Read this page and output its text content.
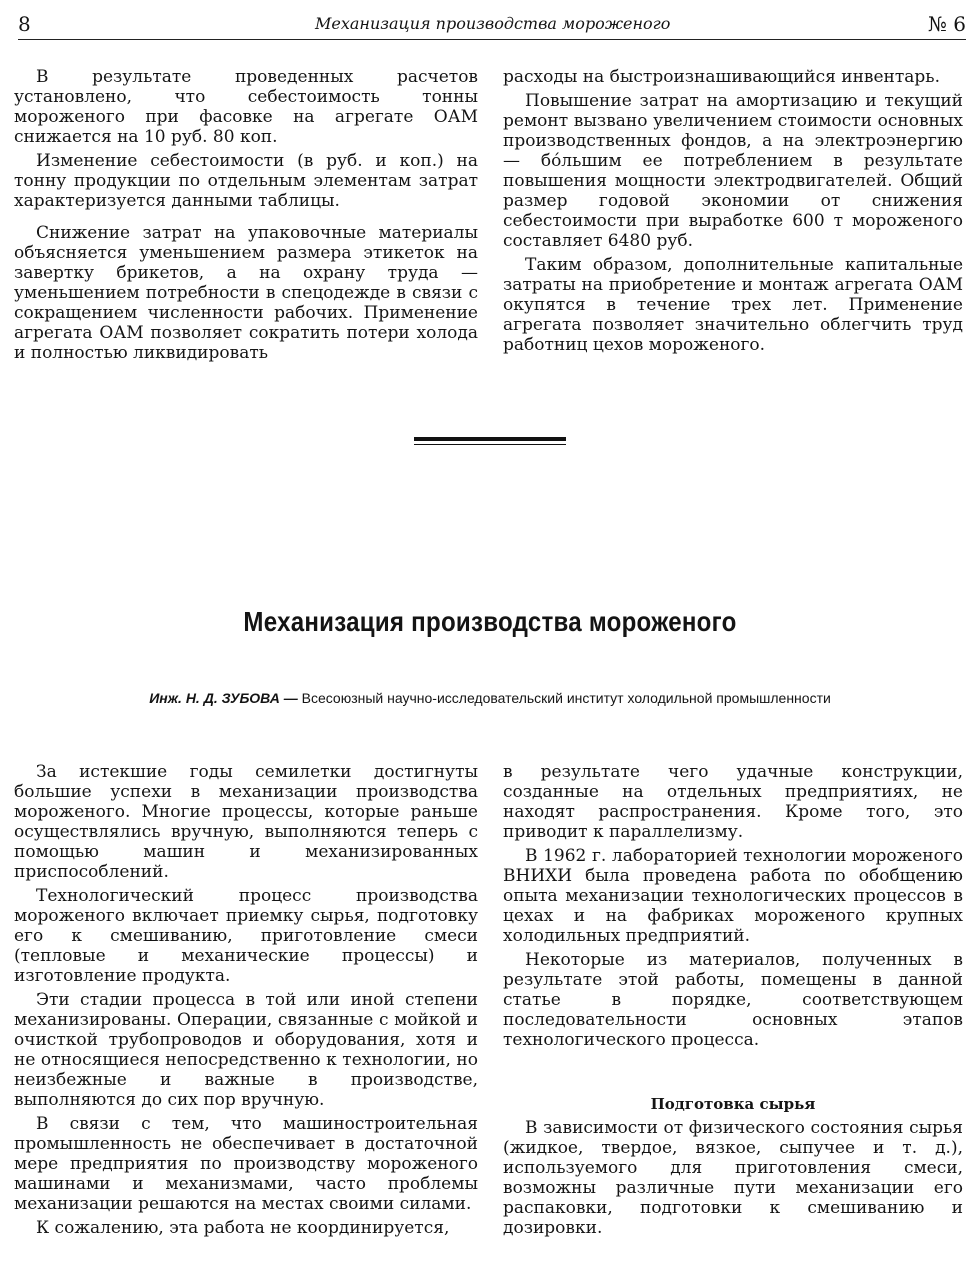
8	Механизация производства мороженого	№ 6

В результате проведенных расчетов установлено, что себестоимость тонны мороженого при фасовке на агрегате ОАМ снижается на 10 руб. 80 коп.

Изменение себестоимости (в руб. и коп.) на тонну продукции по отдельным элементам затрат характеризуется данными таблицы.

Снижение затрат на упаковочные материалы объясняется уменьшением размера этикеток на завертку брикетов, а на охрану труда — уменьшением потребности в спецодежде в связи с сокращением численности рабочих. Применение агрегата ОАМ позволяет сократить потери холода и полностью ликвидировать

расходы на быстроизнашивающийся инвентарь.

Повышение затрат на амортизацию и текущий ремонт вызвано увеличением стоимости основных производственных фондов, а на электроэнергию — бо́льшим ее потреблением в результате повышения мощности электродвигателей. Общий размер годовой экономии от снижения себестоимости при выработке 600 т мороженого составляет 6480 руб.

Таким образом, дополнительные капитальные затраты на приобретение и монтаж агрегата ОАМ окупятся в течение трех лет. Применение агрегата позволяет значительно облегчить труд работниц цехов мороженого.

Механизация производства мороженого
Инж. Н. Д. ЗУБОВА — Всесоюзный научно-исследовательский институт холодильной промышленности

За истекшие годы семилетки достигнуты большие успехи в механизации производства мороженого. Многие процессы, которые раньше осуществлялись вручную, выполняются теперь с помощью машин и механизированных приспособлений.

Технологический процесс производства мороженого включает приемку сырья, подготовку его к смешиванию, приготовление смеси (тепловые и механические процессы) и изготовление продукта.

Эти стадии процесса в той или иной степени механизированы. Операции, связанные с мойкой и очисткой трубопроводов и оборудования, хотя и не относящиеся непосредственно к технологии, но неизбежные и важные в производстве, выполняются до сих пор вручную.

В связи с тем, что машиностроительная промышленность не обеспечивает в достаточной мере предприятия по производству мороженого машинами и механизмами, часто проблемы механизации решаются на местах своими силами.

К сожалению, эта работа не координируется,

в результате чего удачные конструкции, созданные на отдельных предприятиях, не находят распространения. Кроме того, это приводит к параллелизму.

В 1962 г. лабораторией технологии мороженого ВНИХИ была проведена работа по обобщению опыта механизации технологических процессов в цехах и на фабриках мороженого крупных холодильных предприятий.

Некоторые из материалов, полученных в результате этой работы, помещены в данной статье в порядке, соответствующем последовательности основных этапов технологического процесса.

Подготовка сырья

В зависимости от физического состояния сырья (жидкое, твердое, вязкое, сыпучее и т. д.), используемого для приготовления смеси, возможны различные пути механизации его распаковки, подготовки к смешиванию и дозировки.
